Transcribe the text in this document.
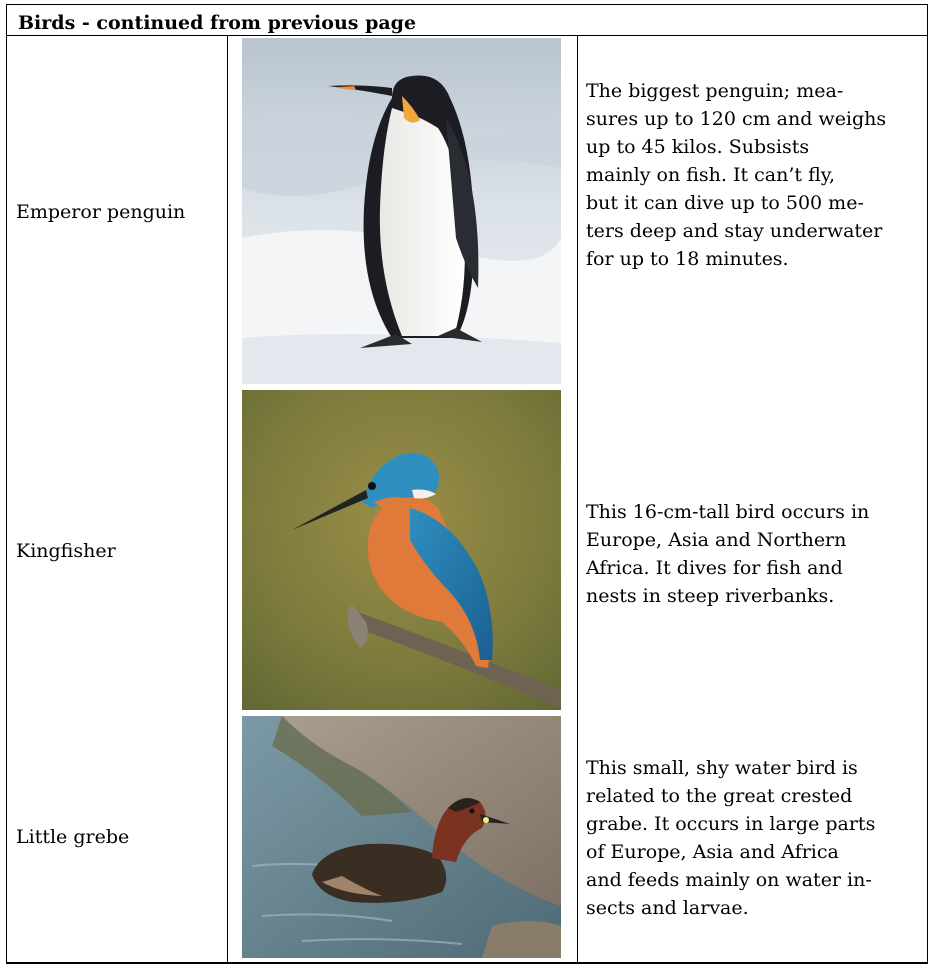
Birds - continued from previous page
Emperor penguin
The biggest penguin; mea-
sures up to 120 cm and weighs
up to 45 kilos. Subsists
mainly on fish. It can’t fly,
but it can dive up to 500 me-
ters deep and stay underwater
for up to 18 minutes.
Kingfisher
This 16-cm-tall bird occurs in
Europe, Asia and Northern
Africa. It dives for fish and
nests in steep riverbanks.
Little grebe
This small, shy water bird is
related to the great crested
grabe. It occurs in large parts
of Europe, Asia and Africa
and feeds mainly on water in-
sects and larvae.
